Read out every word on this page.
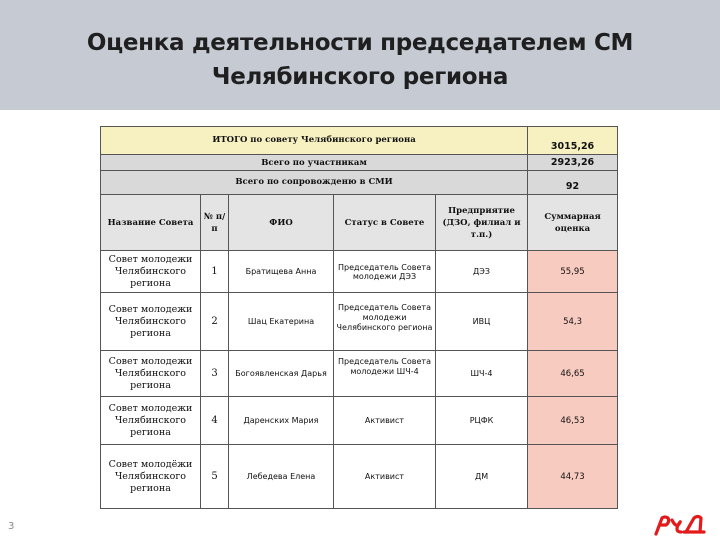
Оценка деятельности председателем СМ
Челябинского региона
ИТОГО по совету Челябинского региона					3015,26
Всего по участникам					2923,26
Всего по сопровожденю в СМИ					92
Название Совета	№ п/п	ФИО	Статус в Совете	Предприятие (ДЗО, филиал и т.п.)	Суммарная оценка
Совет молодежи Челябинского региона	1	Братищева Анна	Председатель Совета молодежи ДЭЗ	ДЭЗ	55,95
Совет молодежи Челябинского региона	2	Шац Екатерина	Председатель Совета молодежи Челябинского региона	ИВЦ	54,3
Совет молодежи Челябинского региона	3	Богоявленская Дарья	Председатель Совета молодежи ШЧ-4	ШЧ-4	46,65
Совет молодежи Челябинского региона	4	Даренских Мария	Активист	РЦФК	46,53
Совет молодёжи Челябинского региона	5	Лебедева Елена	Активист	ДМ	44,73
3
